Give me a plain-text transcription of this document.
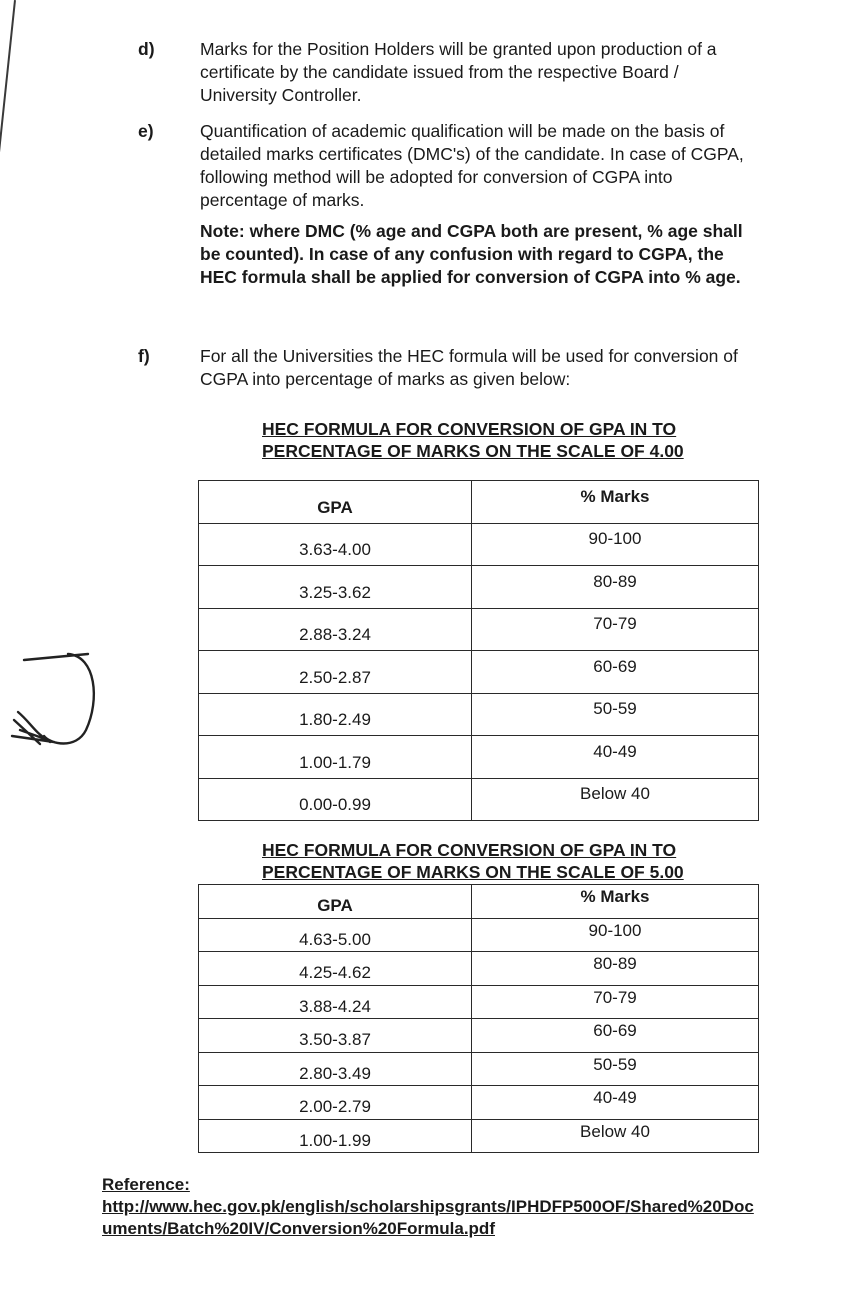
d)	Marks for the Position Holders will be granted upon production of a certificate by the candidate issued from the respective Board / University Controller.
e)	Quantification of academic qualification will be made on the basis of detailed marks certificates (DMC's) of the candidate. In case of CGPA, following method will be adopted for conversion of CGPA into percentage of marks.
Note: where DMC (% age and CGPA both are present, % age shall be counted). In case of any confusion with regard to CGPA, the HEC formula shall be applied for conversion of CGPA into % age.
f)	For all the Universities the HEC formula will be used for conversion of CGPA into percentage of marks as given below:
HEC FORMULA FOR CONVERSION OF GPA IN TO
PERCENTAGE OF MARKS ON THE SCALE OF 4.00
GPA	% Marks
3.63-4.00	90-100
3.25-3.62	80-89
2.88-3.24	70-79
2.50-2.87	60-69
1.80-2.49	50-59
1.00-1.79	40-49
0.00-0.99	Below 40
HEC FORMULA FOR CONVERSION OF GPA IN TO
PERCENTAGE OF MARKS ON THE SCALE OF 5.00
GPA	% Marks
4.63-5.00	90-100
4.25-4.62	80-89
3.88-4.24	70-79
3.50-3.87	60-69
2.80-3.49	50-59
2.00-2.79	40-49
1.00-1.99	Below 40
Reference:
http://www.hec.gov.pk/english/scholarshipsgrants/IPHDFP500OF/Shared%20Documents/Batch%20IV/Conversion%20Formula.pdf
